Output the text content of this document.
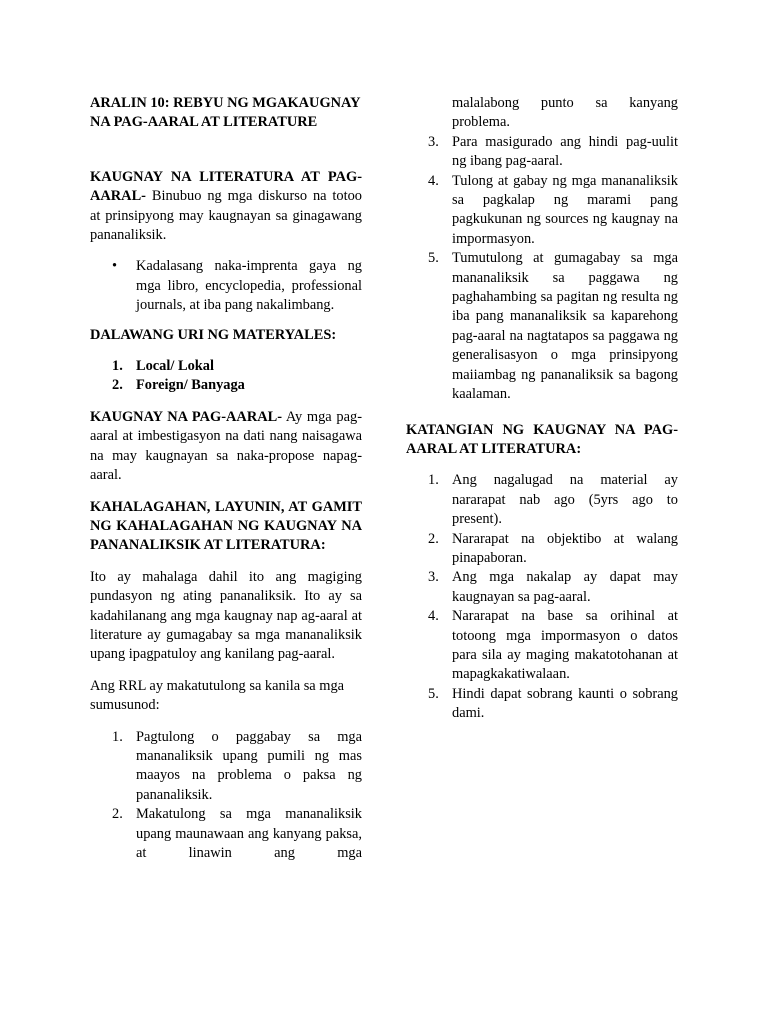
ARALIN 10: REBYU NG MGAKAUGNAY NA PAG-AARAL AT LITERATURE

KAUGNAY NA LITERATURA AT PAG-AARAL- Binubuo ng mga diskurso na totoo at prinsipyong may kaugnayan sa ginagawang pananaliksik.

• Kadalasang naka-imprenta gaya ng mga libro, encyclopedia, professional journals, at iba pang nakalimbang.

DALAWANG URI NG MATERYALES:

1. Local/ Lokal
2. Foreign/ Banyaga

KAUGNAY NA PAG-AARAL- Ay mga pag-aaral at imbestigasyon na dati nang naisagawa na may kaugnayan sa naka-propose napag-aaral.

KAHALAGAHAN, LAYUNIN, AT GAMIT NG KAHALAGAHAN NG KAUGNAY NA PANANALIKSIK AT LITERATURA:

Ito ay mahalaga dahil ito ang magiging pundasyon ng ating pananaliksik. Ito ay sa kadahilanang ang mga kaugnay nap ag-aaral at literature ay gumagabay sa mga mananaliksik upang ipagpatuloy ang kanilang pag-aaral.

Ang RRL ay makatutulong sa kanila sa mga sumusunod:

1. Pagtulong o paggabay sa mga mananaliksik upang pumili ng mas maayos na problema o paksa ng pananaliksik.
2. Makatulong sa mga mananaliksik upang maunawaan ang kanyang paksa, at linawin ang mga
malalabong punto sa kanyang problema.
3. Para masigurado ang hindi pag-uulit ng ibang pag-aaral.
4. Tulong at gabay ng mga mananaliksik sa pagkalap ng marami pang pagkukunan ng sources ng kaugnay na impormasyon.
5. Tumutulong at gumagabay sa mga mananaliksik sa paggawa ng paghahambing sa pagitan ng resulta ng iba pang mananaliksik sa kaparehong pag-aaral na nagtatapos sa paggawa ng generalisasyon o mga prinsipyong maiiambag ng pananaliksik sa bagong kaalaman.

KATANGIAN NG KAUGNAY NA PAG-AARAL AT LITERATURA:

1. Ang nagalugad na material ay nararapat nab ago (5yrs ago to present).
2. Nararapat na objektibo at walang pinapaboran.
3. Ang mga nakalap ay dapat may kaugnayan sa pag-aaral.
4. Nararapat na base sa orihinal at totoong mga impormasyon o datos para sila ay maging makatotohanan at mapagkakatiwalaan.
5. Hindi dapat sobrang kaunti o sobrang dami.
